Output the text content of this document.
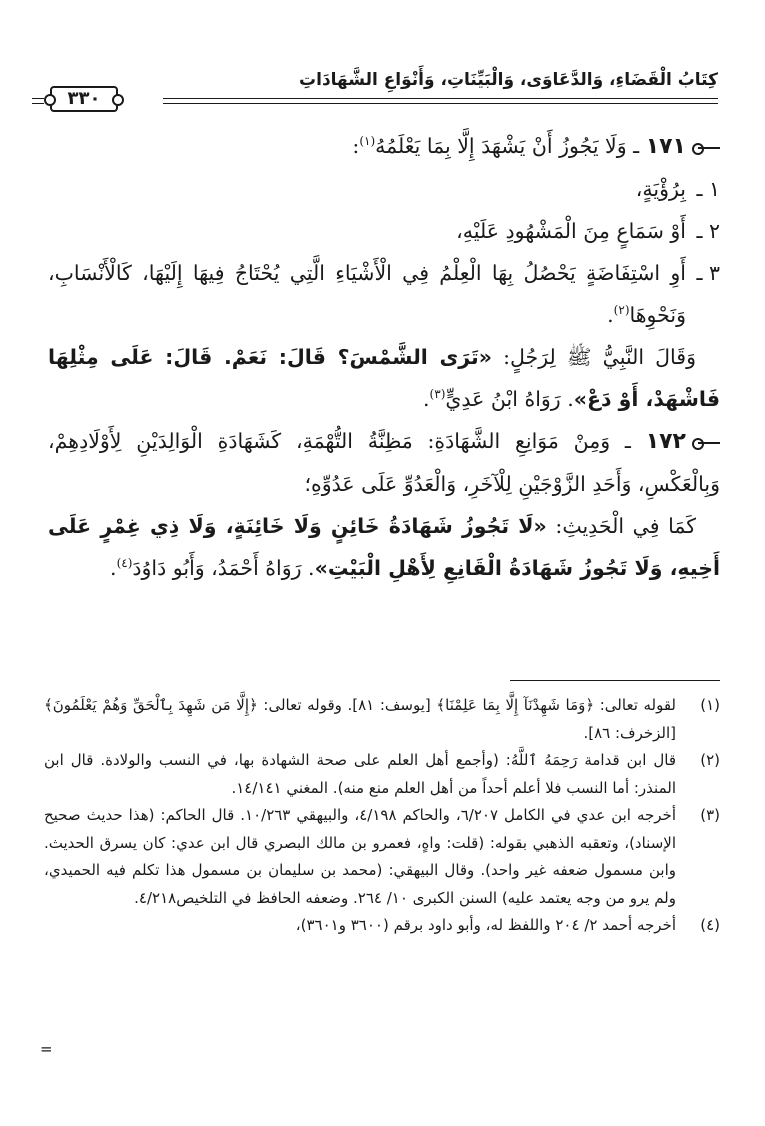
كِتَابُ الْقَضَاءِ، وَالدَّعَاوَى، وَالْبَيِّنَاتِ، وَأَنْوَاعِ الشَّهَادَاتِ
٣٣٠
١٧١ ـ وَلَا يَجُوزُ أَنْ يَشْهَدَ إِلَّا بِمَا يَعْلَمُهُ$^{(١)}$:
١ ـبِرُؤْيَةٍ،
٢ ـأَوْ سَمَاعٍ مِنَ الْمَشْهُودِ عَلَيْهِ،
٣ ـأَوِ اسْتِفَاضَةٍ يَحْصُلُ بِهَا الْعِلْمُ فِي الْأَشْيَاءِ الَّتِي يُحْتَاجُ فِيهَا إِلَيْهَا، كَالْأَنْسَابِ، وَنَحْوِهَا$^{(٢)}$.
وَقَالَ النَّبِيُّ ﷺ لِرَجُلٍ: «تَرَى الشَّمْسَ؟ قَالَ: نَعَمْ. قَالَ: عَلَى مِثْلِهَا فَاشْهَدْ، أَوْ دَعْ». رَوَاهُ ابْنُ عَدِيٍّ$^{(٣)}$.
١٧٢ ـ وَمِنْ مَوَانِعِ الشَّهَادَةِ: مَظِنَّةُ التُّهْمَةِ، كَشَهَادَةِ الْوَالِدَيْنِ لِأَوْلَادِهِمْ، وَبِالْعَكْسِ، وَأَحَدِ الزَّوْجَيْنِ لِلْآخَرِ، وَالْعَدُوِّ عَلَى عَدُوِّهِ؛
كَمَا فِي الْحَدِيثِ: «لَا تَجُوزُ شَهَادَةُ خَائِنٍ وَلَا خَائِنَةٍ، وَلَا ذِي غِمْرٍ عَلَى أَخِيهِ، وَلَا تَجُوزُ شَهَادَةُ الْقَانِعِ لِأَهْلِ الْبَيْتِ». رَوَاهُ أَحْمَدُ، وَأَبُو دَاوُدَ$^{(٤)}$.
(١)
لقوله تعالى: ﴿وَمَا شَهِدْنَآ إِلَّا بِمَا عَلِمْنَا﴾ [يوسف: ٨١]. وقوله تعالى: ﴿إِلَّا مَن شَهِدَ بِٱلْحَقِّ وَهُمْ يَعْلَمُونَ﴾ [الزخرف: ٨٦].
(٢)
قال ابن قدامة رَحِمَهُ ٱللَّهُ: (وأجمع أهل العلم على صحة الشهادة بها، في النسب والولادة. قال ابن المنذر: أما النسب فلا أعلم أحداً من أهل العلم منع منه). المغني ١٤/١٤١.
(٣)
أخرجه ابن عدي في الكامل ٦/٢٠٧، والحاكم ٤/١٩٨، والبيهقي ١٠/٢٦٣. قال الحاكم: (هذا حديث صحيح الإسناد)، وتعقبه الذهبي بقوله: (قلت: واهٍ، فعمرو بن مالك البصري قال ابن عدي: كان يسرق الحديث. وابن مسمول ضعفه غير واحد). وقال البيهقي: (محمد بن سليمان بن مسمول هذا تكلم فيه الحميدي، ولم يرو من وجه يعتمد عليه) السنن الكبرى ١٠/ ٢٦٤. وضعفه الحافظ في التلخيص٤/٢١٨.
(٤)
أخرجه أحمد ٢/ ٢٠٤ واللفظ له، وأبو داود برقم (٣٦٠٠ و٣٦٠١)،
=
